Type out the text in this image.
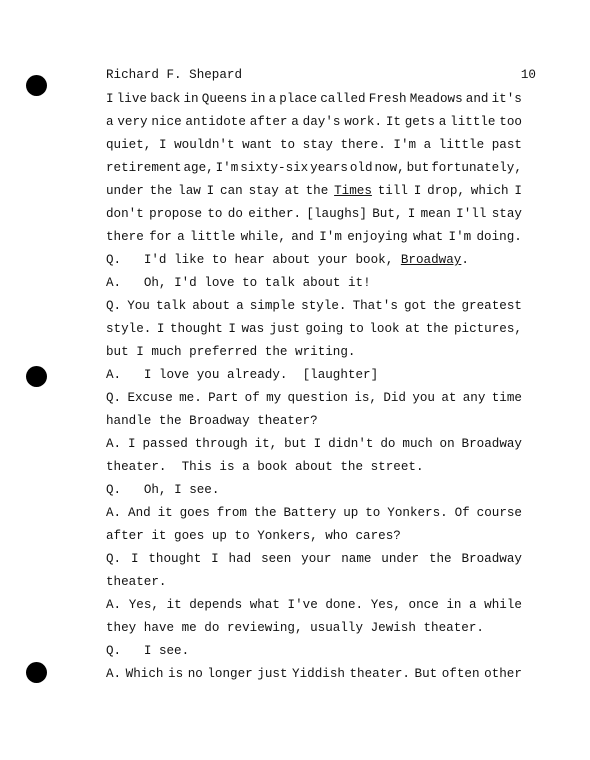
Richard F. Shepard	10
I live back in Queens in a place called Fresh Meadows and it's
a very nice antidote after a day's work. It gets a little too
quiet, I wouldn't want to stay there. I'm a little past
retirement age, I'm sixty-six years old now, but fortunately,
under the law I can stay at the Times till I drop, which I
don't propose to do either. [laughs] But, I mean I'll stay
there for a little while, and I'm enjoying what I'm doing.
Q.	I'd like to hear about your book, Broadway.
A.	Oh, I'd love to talk about it!
Q. You talk about a simple style. That's got the greatest
style. I thought I was just going to look at the pictures,
but I much preferred the writing.
A.	I love you already.	[laughter]
Q. Excuse me. Part of my question is, Did you at any time
handle the Broadway theater?
A. I passed through it, but I didn't do much on Broadway
theater.	This is a book about the street.
Q.	Oh, I see.
A. And it goes from the Battery up to Yonkers. Of course
after it goes up to Yonkers, who cares?
Q. I thought I had seen your name under the Broadway
theater.
A. Yes, it depends what I've done. Yes, once in a while
they have me do reviewing, usually Jewish theater.
Q.	I see.
A. Which is no longer just Yiddish theater. But often other
